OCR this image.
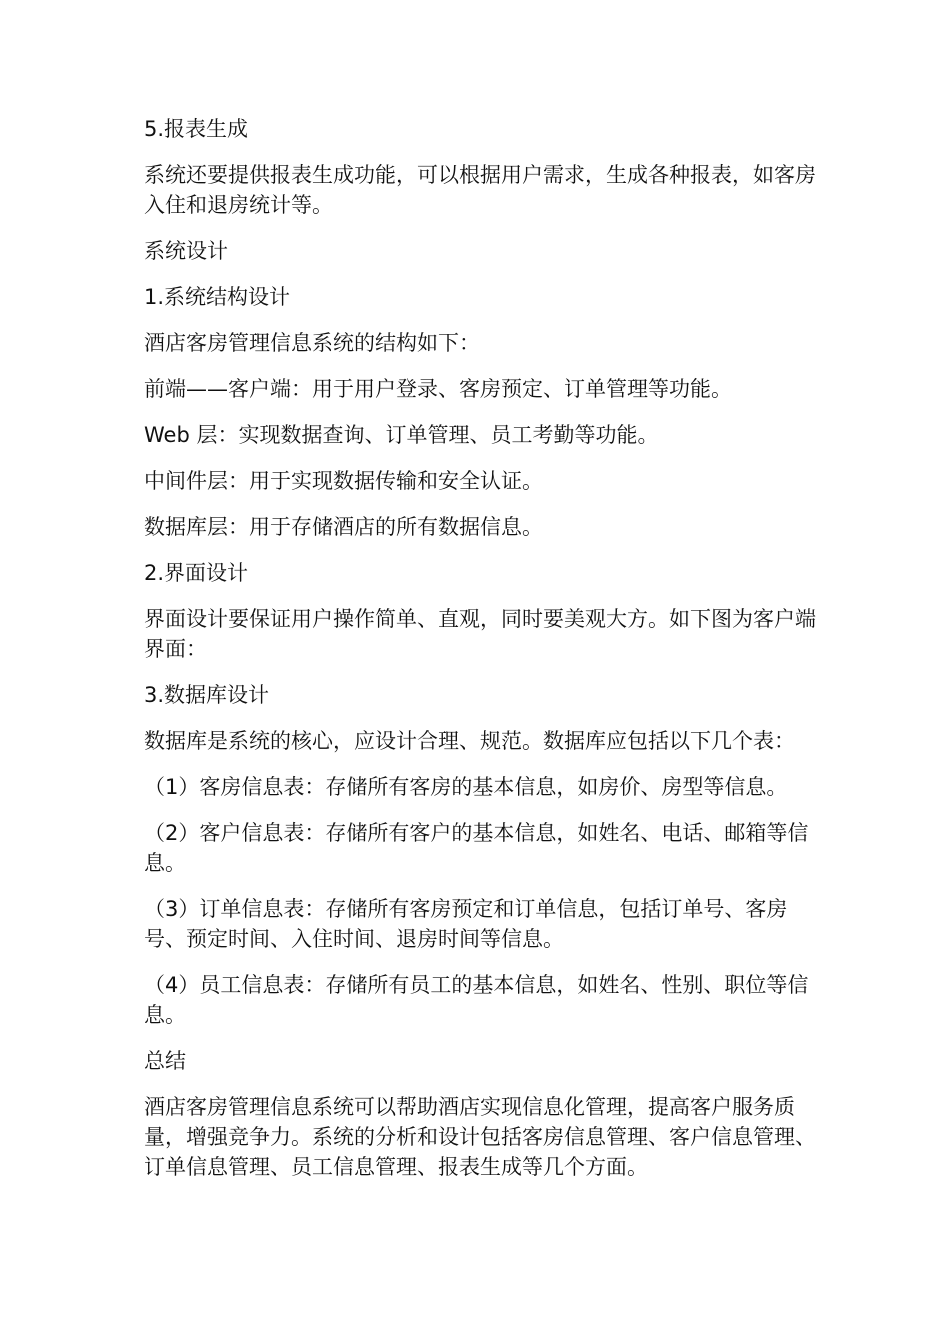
5.报表生成

系统还要提供报表生成功能，可以根据用户需求，生成各种报表，如客房入住和退房统计等。

系统设计

1.系统结构设计

酒店客房管理信息系统的结构如下：

前端——客户端：用于用户登录、客房预定、订单管理等功能。

Web 层：实现数据查询、订单管理、员工考勤等功能。

中间件层：用于实现数据传输和安全认证。

数据库层：用于存储酒店的所有数据信息。

2.界面设计

界面设计要保证用户操作简单、直观，同时要美观大方。如下图为客户端界面：

3.数据库设计

数据库是系统的核心，应设计合理、规范。数据库应包括以下几个表：

（1）客房信息表：存储所有客房的基本信息，如房价、房型等信息。

（2）客户信息表：存储所有客户的基本信息，如姓名、电话、邮箱等信息。

（3）订单信息表：存储所有客房预定和订单信息，包括订单号、客房号、预定时间、入住时间、退房时间等信息。

（4）员工信息表：存储所有员工的基本信息，如姓名、性别、职位等信息。

总结

酒店客房管理信息系统可以帮助酒店实现信息化管理，提高客户服务质量，增强竞争力。系统的分析和设计包括客房信息管理、客户信息管理、订单信息管理、员工信息管理、报表生成等几个方面。
